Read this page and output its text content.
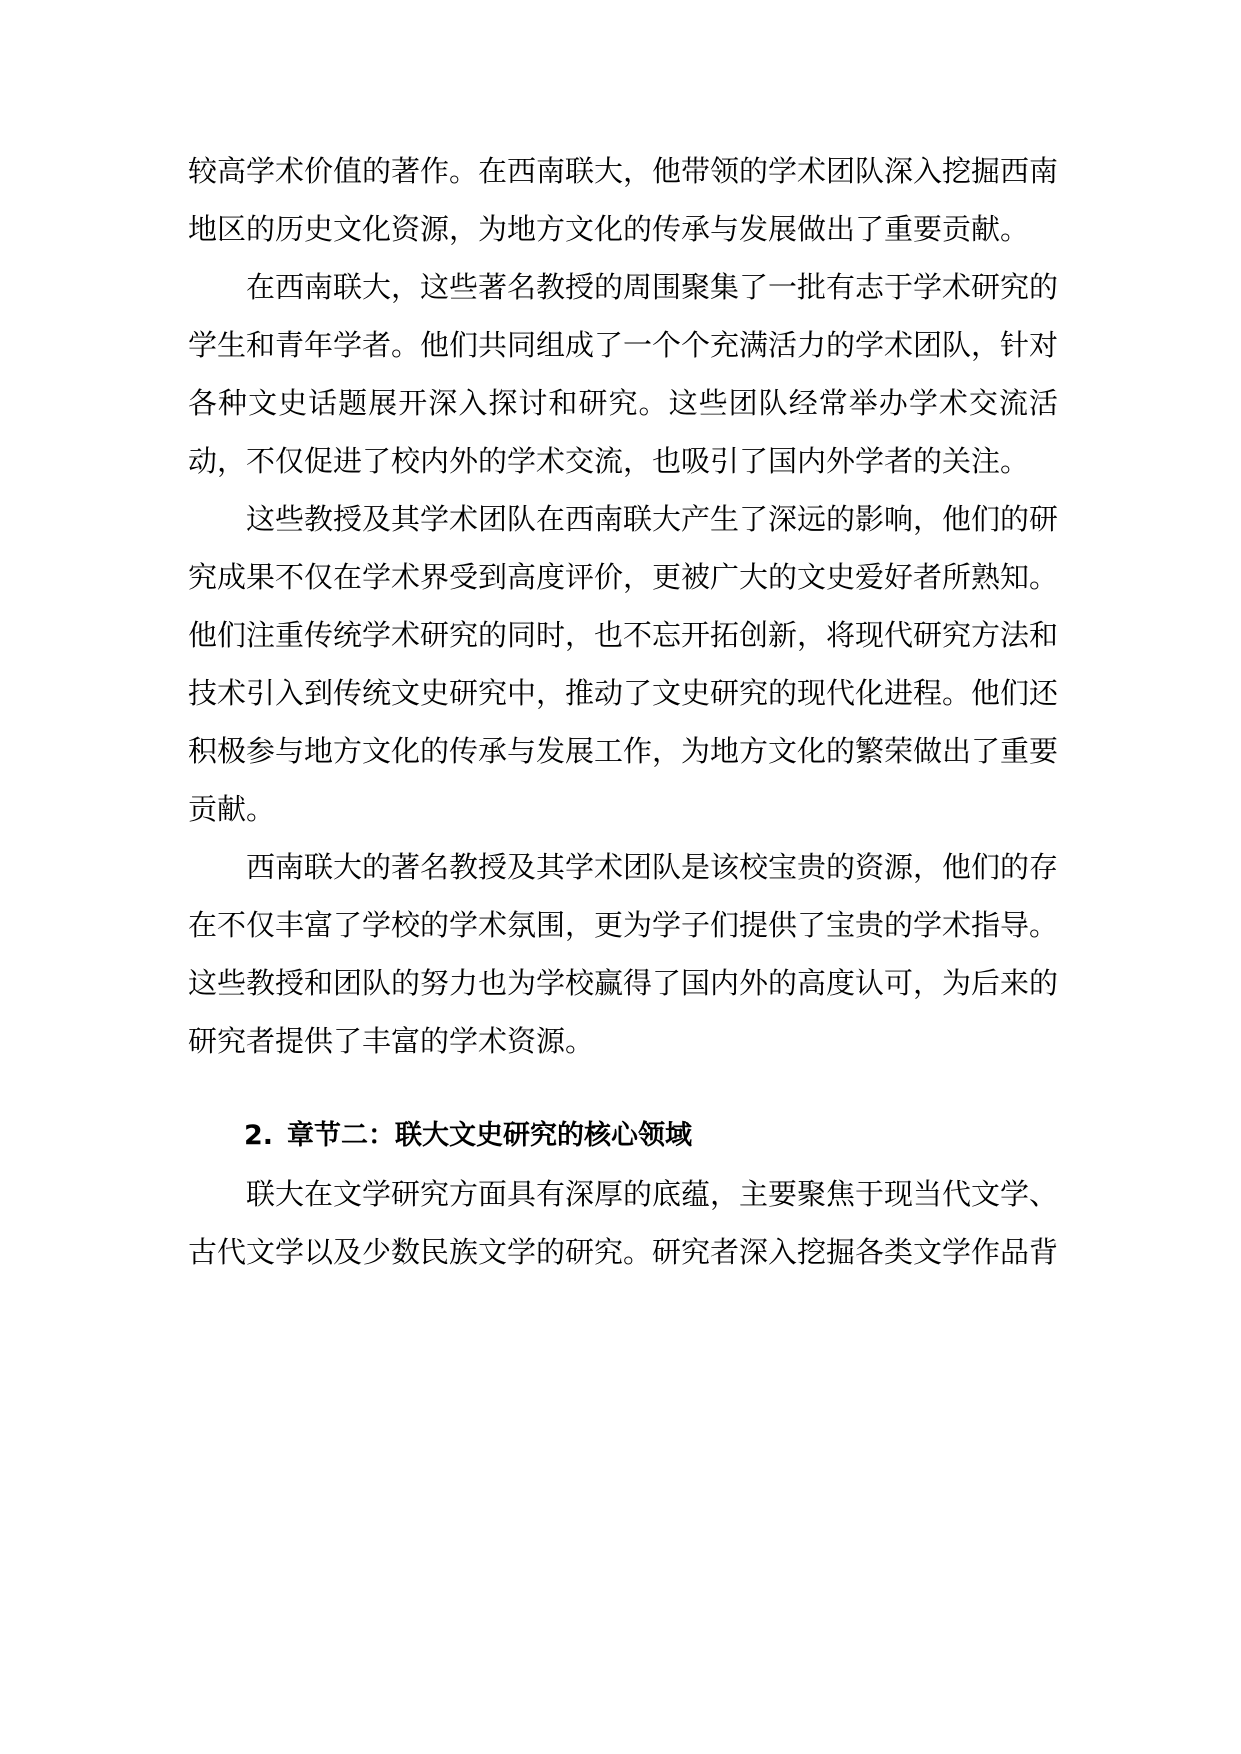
较高学术价值的著作。在西南联大，他带领的学术团队深入挖掘西南地区的历史文化资源，为地方文化的传承与发展做出了重要贡献。

在西南联大，这些著名教授的周围聚集了一批有志于学术研究的学生和青年学者。他们共同组成了一个个充满活力的学术团队，针对各种文史话题展开深入探讨和研究。这些团队经常举办学术交流活动，不仅促进了校内外的学术交流，也吸引了国内外学者的关注。

这些教授及其学术团队在西南联大产生了深远的影响，他们的研究成果不仅在学术界受到高度评价，更被广大的文史爱好者所熟知。他们注重传统学术研究的同时，也不忘开拓创新，将现代研究方法和技术引入到传统文史研究中，推动了文史研究的现代化进程。他们还积极参与地方文化的传承与发展工作，为地方文化的繁荣做出了重要贡献。

西南联大的著名教授及其学术团队是该校宝贵的资源，他们的存在不仅丰富了学校的学术氛围，更为学子们提供了宝贵的学术指导。这些教授和团队的努力也为学校赢得了国内外的高度认可，为后来的研究者提供了丰富的学术资源。

2. 章节二：联大文史研究的核心领域

联大在文学研究方面具有深厚的底蕴，主要聚焦于现当代文学、古代文学以及少数民族文学的研究。研究者深入挖掘各类文学作品背
